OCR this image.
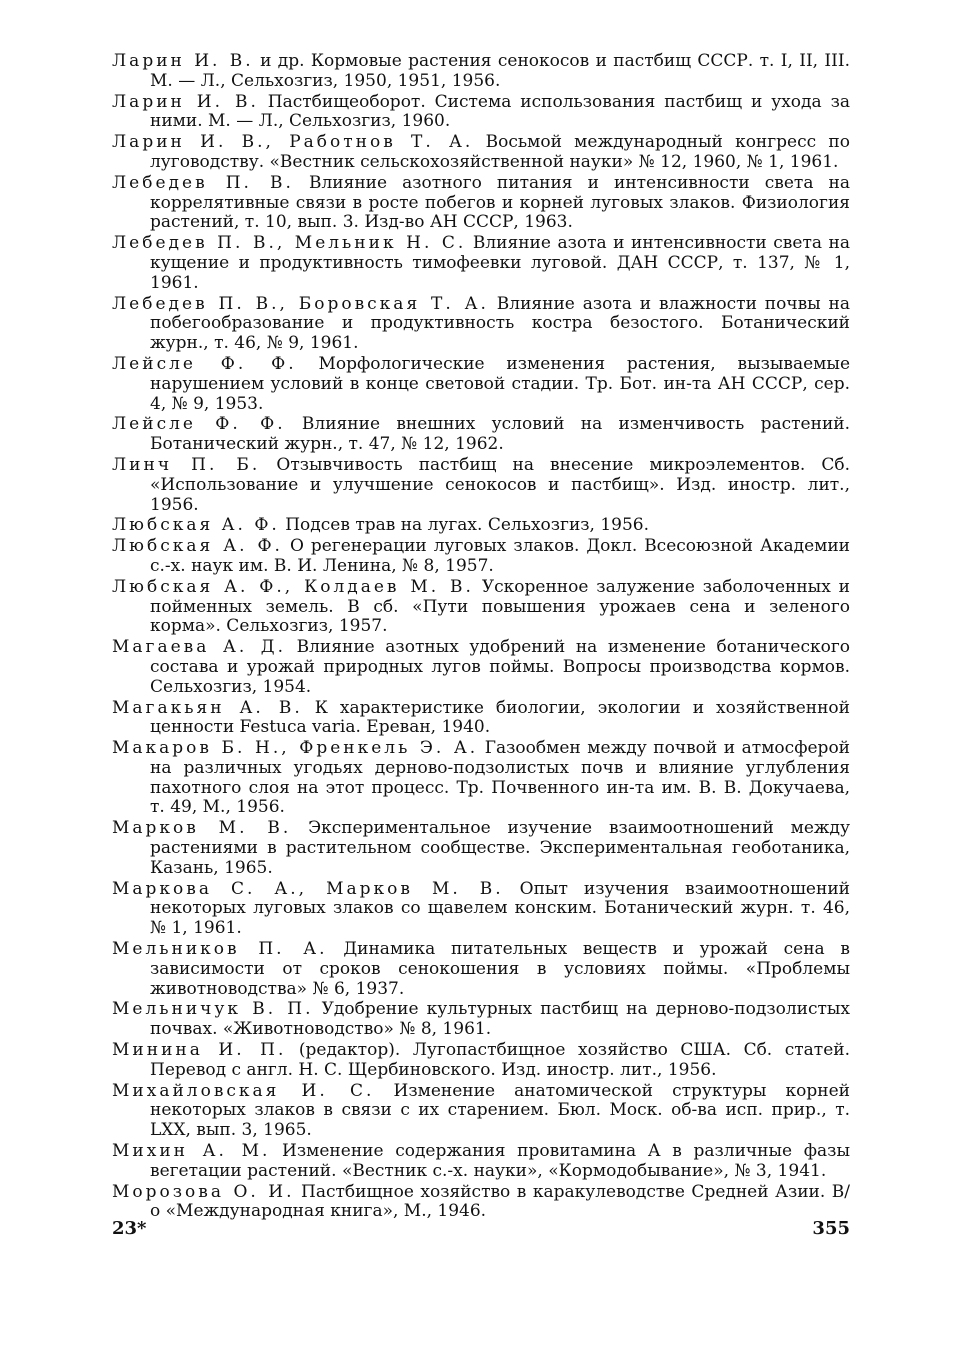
Ларин И. В. и др. Кормовые растения сенокосов и пастбищ СССР. т. I, II, III. М. — Л., Сельхозгиз, 1950, 1951, 1956.
Ларин И. В. Пастбищеоборот. Система использования пастбищ и ухода за ними. М. — Л., Сельхозгиз, 1960.
Ларин И. В., Работнов Т. А. Восьмой международный конгресс по луговодству. «Вестник сельскохозяйственной науки» № 12, 1960, № 1, 1961.
Лебедев П. В. Влияние азотного питания и интенсивности света на коррелятивные связи в росте побегов и корней луговых злаков. Физиология растений, т. 10, вып. 3. Изд-во АН СССР, 1963.
Лебедев П. В., Мельник Н. С. Влияние азота и интенсивности света на кущение и продуктивность тимофеевки луговой. ДАН СССР, т. 137, № 1, 1961.
Лебедев П. В., Боровская Т. А. Влияние азота и влажности почвы на побегообразование и продуктивность костра безостого. Ботанический журн., т. 46, № 9, 1961.
Лейсле Ф. Ф. Морфологические изменения растения, вызываемые нарушением условий в конце световой стадии. Тр. Бот. ин-та АН СССР, сер. 4, № 9, 1953.
Лейсле Ф. Ф. Влияние внешних условий на изменчивость растений. Ботанический журн., т. 47, № 12, 1962.
Линч П. Б. Отзывчивость пастбищ на внесение микроэлементов. Сб. «Использование и улучшение сенокосов и пастбищ». Изд. иностр. лит., 1956.
Любская А. Ф. Подсев трав на лугах. Сельхозгиз, 1956.
Любская А. Ф. О регенерации луговых злаков. Докл. Всесоюзной Академии с.-х. наук им. В. И. Ленина, № 8, 1957.
Любская А. Ф., Колдаев М. В. Ускоренное залужение заболоченных и пойменных земель. В сб. «Пути повышения урожаев сена и зеленого корма». Сельхозгиз, 1957.
Магаева А. Д. Влияние азотных удобрений на изменение ботанического состава и урожай природных лугов поймы. Вопросы производства кормов. Сельхозгиз, 1954.
Магакьян А. В. К характеристике биологии, экологии и хозяйственной ценности Festuca varia. Ереван, 1940.
Макаров Б. Н., Френкель Э. А. Газообмен между почвой и атмосферой на различных угодьях дерново-подзолистых почв и влияние углубления пахотного слоя на этот процесс. Тр. Почвенного ин-та им. В. В. Докучаева, т. 49, М., 1956.
Марков М. В. Экспериментальное изучение взаимоотношений между растениями в растительном сообществе. Экспериментальная геоботаника, Казань, 1965.
Маркова С. А., Марков М. В. Опыт изучения взаимоотношений некоторых луговых злаков со щавелем конским. Ботанический журн. т. 46, № 1, 1961.
Мельников П. А. Динамика питательных веществ и урожай сена в зависимости от сроков сенокошения в условиях поймы. «Проблемы животноводства» № 6, 1937.
Мельничук В. П. Удобрение культурных пастбищ на дерново-подзолистых почвах. «Животноводство» № 8, 1961.
Минина И. П. (редактор). Лугопастбищное хозяйство США. Сб. статей. Перевод с англ. Н. С. Щербиновского. Изд. иностр. лит., 1956.
Михайловская И. С. Изменение анатомической структуры корней некоторых злаков в связи с их старением. Бюл. Моск. об-ва исп. прир., т. LXX, вып. 3, 1965.
Михин А. М. Изменение содержания провитамина А в различные фазы вегетации растений. «Вестник с.-х. науки», «Кормодобывание», № 3, 1941.
Морозова О. И. Пастбищное хозяйство в каракулеводстве Средней Азии. В/о «Международная книга», М., 1946.
23*	355
